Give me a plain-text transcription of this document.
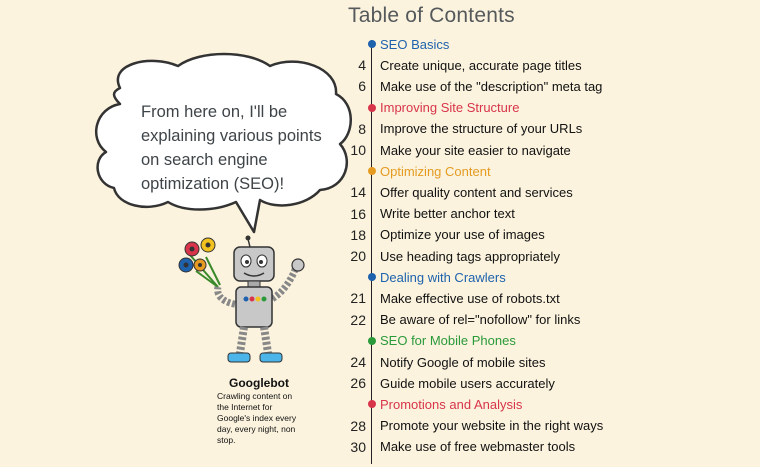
From here on, I'll be explaining various points on search engine optimization (SEO)!
Googlebot
Crawling content on the Internet for Google's index every day, every night, non stop.
Table of Contents
SEO Basics
4 Create unique, accurate page titles
6 Make use of the "description" meta tag
Improving Site Structure
8 Improve the structure of your URLs
10 Make your site easier to navigate
Optimizing Content
14 Offer quality content and services
16 Write better anchor text
18 Optimize your use of images
20 Use heading tags appropriately
Dealing with Crawlers
21 Make effective use of robots.txt
22 Be aware of rel="nofollow" for links
SEO for Mobile Phones
24 Notify Google of mobile sites
26 Guide mobile users accurately
Promotions and Analysis
28 Promote your website in the right ways
30 Make use of free webmaster tools
